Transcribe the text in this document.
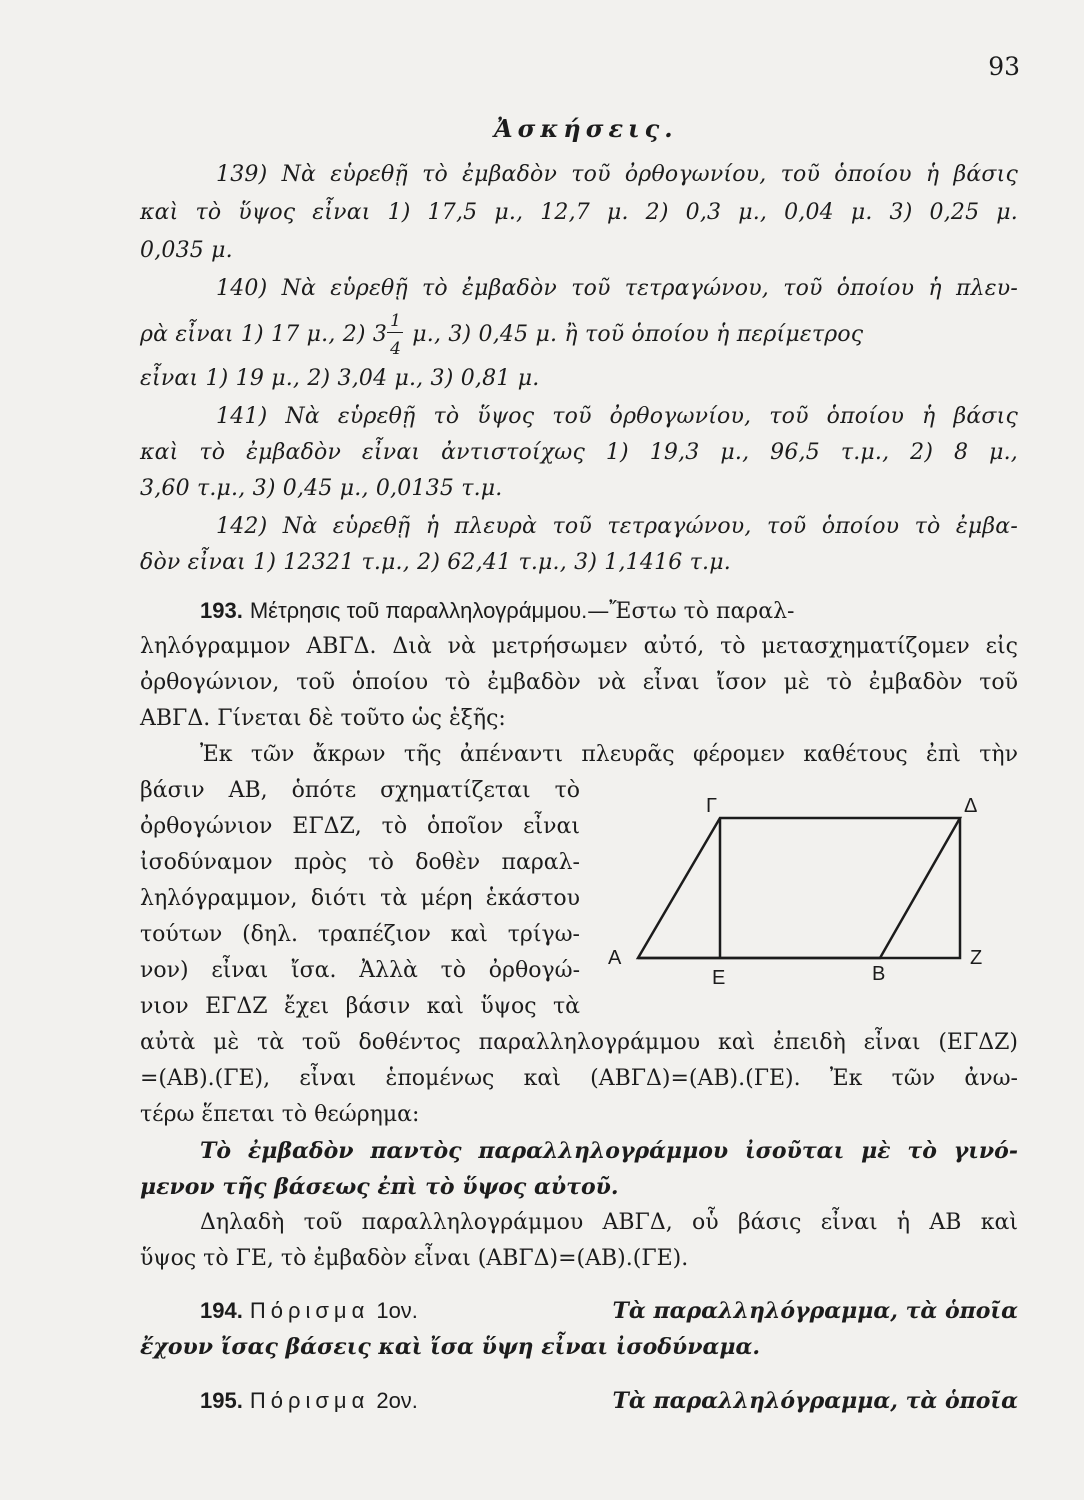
93
Ἀσκήσεις.
139) Νὰ εὑρεθῇ τὸ ἐμβαδὸν τοῦ ὀρθογωνίου, τοῦ ὁποίου ἡ βάσις
καὶ τὸ ὕψος εἶναι 1) 17,5 μ., 12,7 μ. 2) 0,3 μ., 0,04 μ. 3) 0,25 μ.
0,035 μ.
140) Νὰ εὑρεθῇ τὸ ἐμβαδὸν τοῦ τετραγώνου, τοῦ ὁποίου ἡ πλευ-
ρὰ εἶναι 1) 17 μ., 2) $3 \frac{1}{4} \mu$., 3) 0,45 μ. ἢ τοῦ ὁποίου ἡ περίμετρος
εἶναι 1) 19 μ., 2) 3,04 μ., 3) 0,81 μ.
141) Νὰ εὑρεθῇ τὸ ὕψος τοῦ ὀρθογωνίου, τοῦ ὁποίου ἡ βάσις
καὶ τὸ ἐμβαδὸν εἶναι ἀντιστοίχως 1) 19,3 μ., 96,5 τ.μ., 2) 8 μ.,
3,60 τ.μ., 3) 0,45 μ., 0,0135 τ.μ.
142) Νὰ εὑρεθῇ ἡ πλευρὰ τοῦ τετραγώνου, τοῦ ὁποίου τὸ ἐμβα-
δὸν εἶναι 1) 12321 τ.μ., 2) 62,41 τ.μ., 3) 1,1416 τ.μ.
193. Μέτρησις τοῦ παραλληλογράμμου.—Ἔστω τὸ παραλ-
ληλόγραμμον ΑΒΓΔ. Διὰ νὰ μετρήσωμεν αὐτό, τὸ μετασχηματίζομεν εἰς
ὀρθογώνιον, τοῦ ὁποίου τὸ ἐμβαδὸν νὰ εἶναι ἴσον μὲ τὸ ἐμβαδὸν τοῦ
ΑΒΓΔ. Γίνεται δὲ τοῦτο ὡς ἑξῆς:
Ἐκ τῶν ἄκρων τῆς ἀπέναντι πλευρᾶς φέρομεν καθέτους ἐπὶ τὴν
βάσιν ΑΒ, ὁπότε σχηματίζεται τὸ
ὀρθογώνιον ΕΓΔΖ, τὸ ὁποῖον εἶναι
ἰσοδύναμον πρὸς τὸ δοθὲν παραλ-
ληλόγραμμον, διότι τὰ μέρη ἑκάστου
τούτων (δηλ. τραπέζιον καὶ τρίγω-
νον) εἶναι ἴσα. Ἀλλὰ τὸ ὀρθογώ-
νιον ΕΓΔΖ ἔχει βάσιν καὶ ὕψος τὰ
αὐτὰ μὲ τὰ τοῦ δοθέντος παραλληλογράμμου καὶ ἐπειδὴ εἶναι (ΕΓΔΖ)
=(ΑΒ).(ΓΕ), εἶναι ἑπομένως καὶ (ΑΒΓΔ)=(ΑΒ).(ΓΕ). Ἐκ τῶν ἀνω-
τέρω ἕπεται τὸ θεώρημα:
Τὸ ἐμβαδὸν παντὸς παραλληλογράμμου ἰσοῦται μὲ τὸ γινό-
μενον τῆς βάσεως ἐπὶ τὸ ὕψος αὐτοῦ.
Δηλαδὴ τοῦ παραλληλογράμμου ΑΒΓΔ, οὗ βάσις εἶναι ἡ ΑΒ καὶ
ὕψος τὸ ΓΕ, τὸ ἐμβαδὸν εἶναι (ΑΒΓΔ)=(ΑΒ).(ΓΕ).
Α
Ε	Β
Ζ
Γ	Δ
194. Πόρισμα 1ον.	Τὰ παραλληλόγραμμα, τὰ ὁποῖα
ἔχουν ἴσας βάσεις καὶ ἴσα ὕψη εἶναι ἰσοδύναμα.
195. Πόρισμα 2ον.	Τὰ παραλληλόγραμμα, τὰ ὁποῖα
